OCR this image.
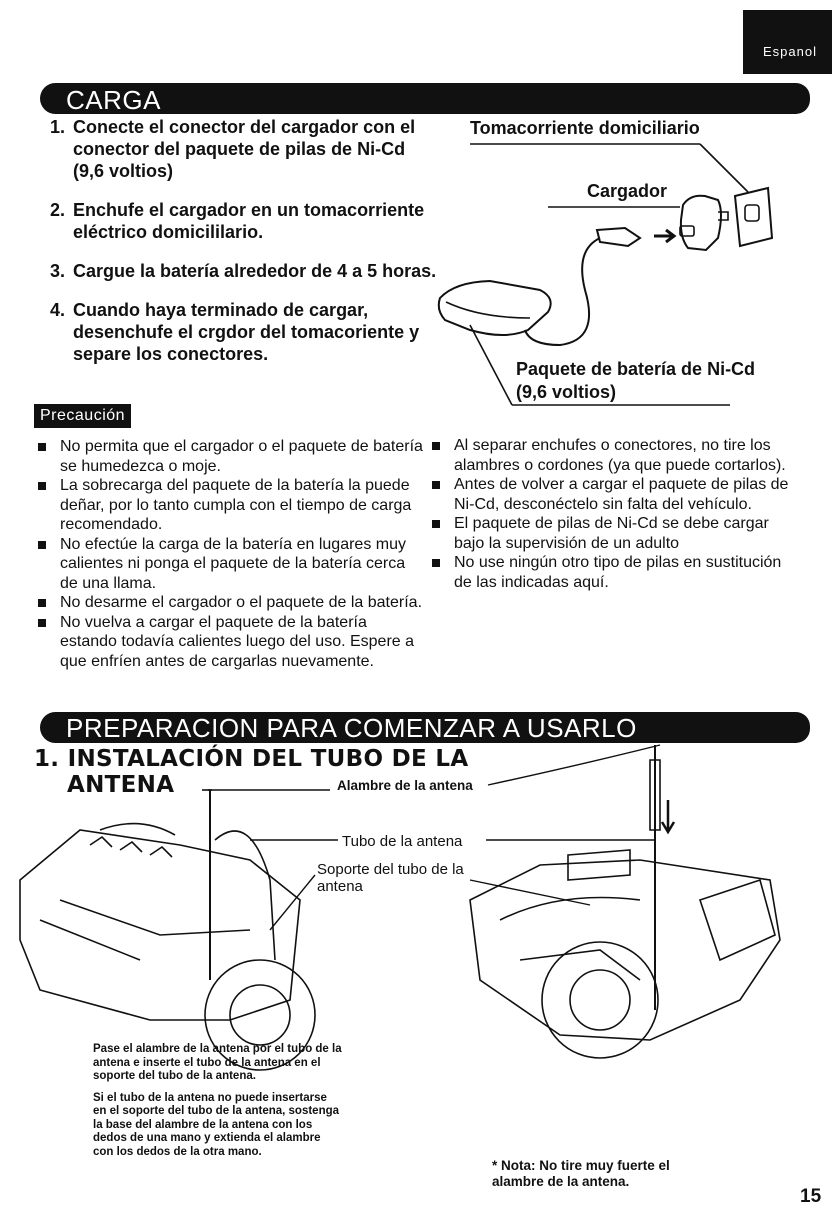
Espanol
CARGA
1. Conecte el conector del cargador con el conector del paquete de pilas de Ni-Cd (9,6 voltios)
2. Enchufe el cargador en un tomacorriente eléctrico domicililario.
3. Cargue la batería alrededor de 4 a 5 horas.
4. Cuando haya terminado de cargar, desenchufe el crgdor del tomacoriente y separe los conectores.
Tomacorriente domiciliario
Cargador
Paquete de batería de Ni-Cd
(9,6 voltios)
Precaución
No permita que el cargador o el paquete de batería se humedezca o moje.
La sobrecarga del paquete de la batería la puede deñar, por lo tanto cumpla con el tiempo de carga recomendado.
No efectúe la carga de la batería en lugares muy calientes ni ponga el paquete de la batería cerca de una llama.
No desarme el cargador o el paquete de la batería.
No vuelva a cargar el paquete de la batería estando todavía calientes luego del uso. Espere a que enfríen antes de cargarlas nuevamente.
Al separar enchufes o conectores, no tire los alambres o cordones (ya que puede cortarlos).
Antes de volver a cargar el paquete de pilas de Ni-Cd, desconéctelo sin falta del vehículo.
El paquete de pilas de Ni-Cd se debe cargar bajo la supervisión de un adulto
No use ningún otro tipo de pilas en sustitución de las indicadas aquí.
PREPARACION PARA COMENZAR A USARLO
1. INSTALACIÓN DEL TUBO DE LA
ANTENA	Alambre de la antena
Tubo de la antena
Soporte del tubo de la
antena

Pase el alambre de la antena por el tubo de la antena e inserte el tubo de la antena en el soporte del tubo de la antena.

Si el tubo de la antena no puede insertarse en el soporte del tubo de la antena, sostenga la base del alambre de la antena con los dedos de una mano y extienda el alambre con los dedos de la otra mano.

* Nota: No tire muy fuerte el alambre de la antena.
15
